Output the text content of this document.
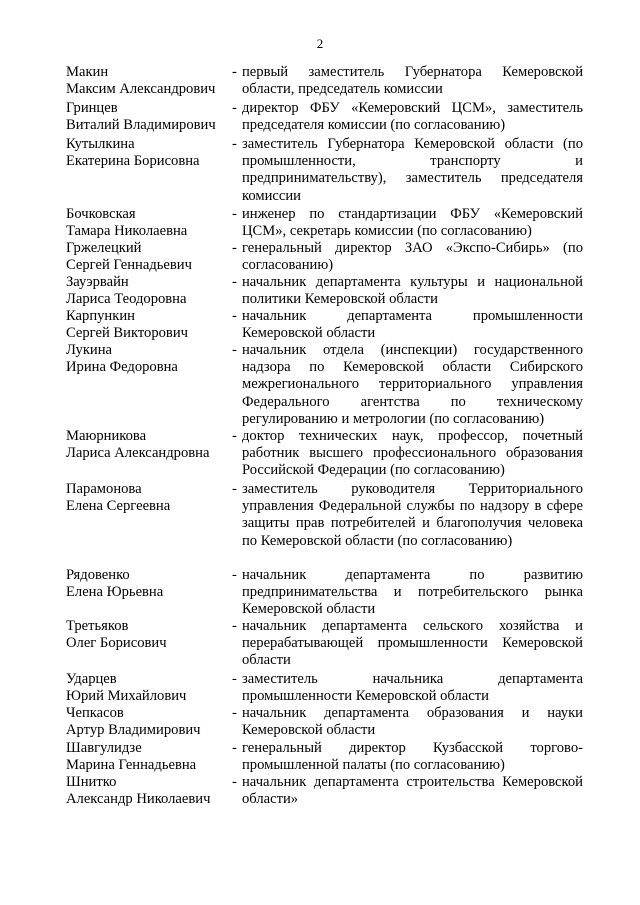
2
Макин
Максим Александрович
- первый заместитель Губернатора Кемеровской области, председатель комиссии
Гринцев
Виталий Владимирович
- директор ФБУ «Кемеровский ЦСМ», заместитель председателя комиссии (по согласованию)
Кутылкина
Екатерина Борисовна
- заместитель Губернатора Кемеровской области (по промышленности, транспорту и предпринимательству), заместитель председателя комиссии
Бочковская
Тамара Николаевна
- инженер по стандартизации ФБУ «Кемеровский ЦСМ», секретарь комиссии (по согласованию)
Гржелецкий
Сергей Геннадьевич
- генеральный директор ЗАО «Экспо-Сибирь» (по согласованию)
Зауэрвайн
Лариса Теодоровна
- начальник департамента культуры и национальной политики Кемеровской области
Карпункин
Сергей Викторович
- начальник департамента промышленности Кемеровской области
Лукина
Ирина Федоровна
- начальник отдела (инспекции) государственного надзора по Кемеровской области Сибирского межрегионального территориального управления Федерального агентства по техническому регулированию и метрологии (по согласованию)
Маюрникова
Лариса Александровна
- доктор технических наук, профессор, почетный работник высшего профессионального образования Российской Федерации (по согласованию)
Парамонова
Елена Сергеевна
- заместитель руководителя Территориального управления Федеральной службы по надзору в сфере защиты прав потребителей и благополучия человека по Кемеровской области (по согласованию)
Рядовенко
Елена Юрьевна
- начальник департамента по развитию предпринимательства и потребительского рынка Кемеровской области
Третьяков
Олег Борисович
- начальник департамента сельского хозяйства и перерабатывающей промышленности Кемеровской области
Ударцев
Юрий Михайлович
- заместитель начальника департамента промышленности Кемеровской области
Чепкасов
Артур Владимирович
- начальник департамента образования и науки Кемеровской области
Шавгулидзе
Марина Геннадьевна
- генеральный директор Кузбасской торгово-промышленной палаты (по согласованию)
Шнитко
Александр Николаевич
- начальник департамента строительства Кемеровской области»
